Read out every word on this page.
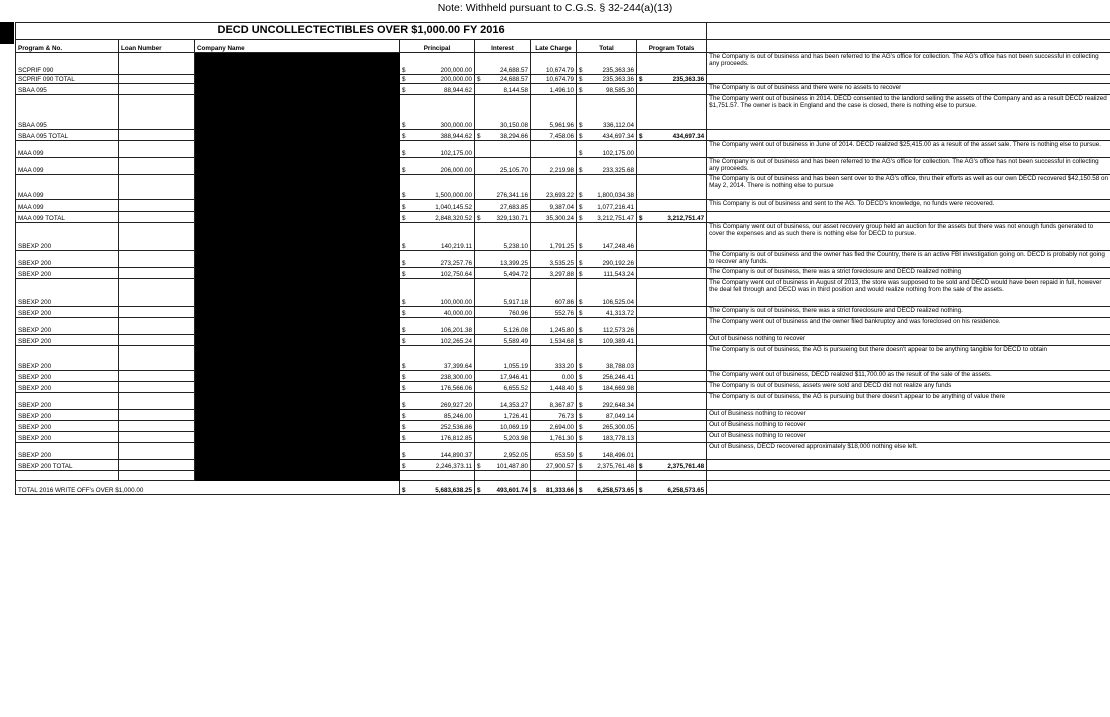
Note: Withheld pursuant to C.G.S. § 32-244(a)(13)
DECD UNCOLLECTECTIBLES OVER $1,000.00 FY 2016								
Program & No.	Loan Number	Company Name	Principal	Interest	Late Charge	Total	Program Totals	
SCPRIF 090			$ 200,000.00	24,688.57	10,674.79	$ 235,363.36		The Company is out of business and has been referred to the AG's office for collection. The AG's office has not been successful in collecting any proceeds.
SCPRIF 090 TOTAL			$ 200,000.00	$ 24,688.57	10,674.79	$ 235,363.36	$ 235,363.36	
SBAA 095			$ 88,944.62	8,144.58	1,496.10	$ 98,585.30		The Company is out of business and there were no assets to recover
SBAA 095			$ 300,000.00	30,150.08	5,961.96	$ 336,112.04		The Company went out of business in 2014. DECD consented to the landlord selling the assets of the Company and as a result DECD realized $1,751.57. The owner is back in England and the case is closed, there is nothing else to pursue.
SBAA 095 TOTAL			$ 388,944.62	$ 38,294.66	7,458.06	$ 434,697.34	$ 434,697.34	
MAA 099			$ 102,175.00			$ 102,175.00		The Company went out of business in June of 2014. DECD realized $25,415.00 as a result of the asset sale. There is nothing else to pursue.
MAA 099			$ 206,000.00	25,105.70	2,219.98	$ 233,325.68		The Company is out of business and has been referred to the AG's office for collection. The AG's office has not been successful in collecting any proceeds.
MAA 099			$ 1,500,000.00	276,341.16	23,693.22	$ 1,800,034.38		The Company is out of business and has been sent over to the AG's office, thru their efforts as well as our own DECD recovered $42,150.58 on May 2, 2014. There is nothing else to pursue
MAA 099			$ 1,040,145.52	27,683.85	9,387.04	$ 1,077,216.41		This Company is out of business and sent to the AG. To DECD's knowledge, no funds were recovered.
MAA 099 TOTAL			$ 2,848,320.52	$ 329,130.71	35,300.24	$ 3,212,751.47	$ 3,212,751.47	
SBEXP 200			$ 140,219.11	5,238.10	1,791.25	$ 147,248.46		This Company went out of business, our asset recovery group held an auction for the assets but there was not enough funds generated to cover the expenses and as such there is nothing else for DECD to pursue.
SBEXP 200			$ 273,257.76	13,399.25	3,535.25	$ 290,192.26		The Company is out of business and the owner has fled the Country, there is an active FBI investigation going on. DECD is probably not going to recover any funds.
SBEXP 200			$ 102,750.64	5,494.72	3,297.88	$ 111,543.24		The Company is out of business, there was a strict foreclosure and DECD realized nothing
SBEXP 200			$ 100,000.00	5,917.18	607.86	$ 106,525.04		The Company went out of business in August of 2013, the store was supposed to be sold and DECD would have been repaid in full, however the deal fell through and DECD was in third position and would realize nothing from the sale of the assets.
SBEXP 200			$ 40,000.00	760.96	552.76	$ 41,313.72		The Company is out of business, there was a strict foreclosure and DECD realized nothing.
SBEXP 200			$ 106,201.38	5,126.08	1,245.80	$ 112,573.26		The Company went out of business and the owner filed bankruptcy and was foreclosed on his residence.
SBEXP 200			$ 102,265.24	5,589.49	1,534.68	$ 109,389.41		Out of business nothing to recover
SBEXP 200			$ 37,399.64	1,055.19	333.20	$ 38,788.03		The Company is out of business, the AG is pursueing but there doesn't appear to be anything tangible for DECD to obtain
SBEXP 200			$ 238,300.00	17,946.41	0.00	$ 256,246.41		The Company went out of business, DECD realized $11,700.00 as the result of the sale of the assets.
SBEXP 200			$ 176,566.06	6,655.52	1,448.40	$ 184,669.98		The Company is out of business, assets were sold and DECD did not realize any funds
SBEXP 200			$ 269,927.20	14,353.27	8,367.87	$ 292,648.34		The Company is out of business, the AG is pursuing but there doesn't appear to be anything of value there
SBEXP 200			$ 85,246.00	1,726.41	76.73	$ 87,049.14		Out of Business nothing to recover
SBEXP 200			$ 252,536.86	10,069.19	2,694.00	$ 265,300.05		Out of Business nothing to recover
SBEXP 200			$ 176,812.85	5,203.98	1,761.30	$ 183,778.13		Out of Business nothing to recover
SBEXP 200			$ 144,890.37	2,952.05	653.59	$ 148,496.01		Out of Business, DECD recovered approximately $18,000 nothing else left.
SBEXP 200 TOTAL			$ 2,246,373.11	$ 101,487.80	27,900.57	$ 2,375,761.48	$ 2,375,761.48	

TOTAL 2016 WRITE OFF's OVER $1,000.00			$ 5,683,638.25	$ 493,601.74	$ 81,333.66	$ 6,258,573.65	$ 6,258,573.65	
